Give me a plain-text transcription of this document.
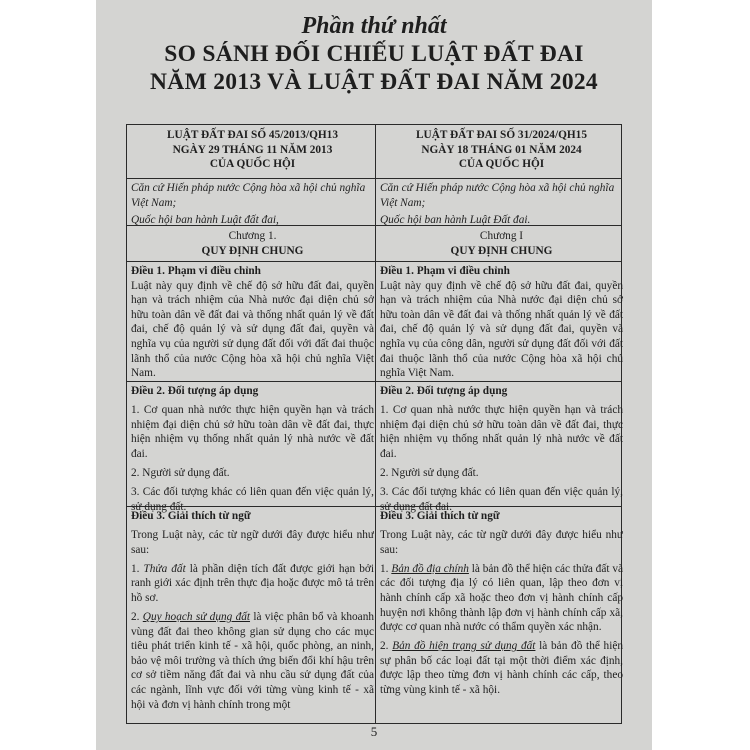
Phần thứ nhất
SO SÁNH ĐỐI CHIẾU LUẬT ĐẤT ĐAI
NĂM 2013 VÀ LUẬT ĐẤT ĐAI NĂM 2024
LUẬT ĐẤT ĐAI SỐ 45/2013/QH13
NGÀY 29 THÁNG 11 NĂM 2013
CỦA QUỐC HỘI
Căn cứ Hiến pháp nước Cộng hòa xã hội chủ nghĩa Việt Nam;
Quốc hội ban hành Luật đất đai,
Chương 1.
QUY ĐỊNH CHUNG
Điều 1. Phạm vi điều chỉnh
Luật này quy định về chế độ sở hữu đất đai, quyền hạn và trách nhiệm của Nhà nước đại diện chủ sở hữu toàn dân về đất đai và thống nhất quản lý về đất đai, chế độ quản lý và sử dụng đất đai, quyền và nghĩa vụ của người sử dụng đất đối với đất đai thuộc lãnh thổ của nước Cộng hòa xã hội chủ nghĩa Việt Nam.
Điều 2. Đối tượng áp dụng
1. Cơ quan nhà nước thực hiện quyền hạn và trách nhiệm đại diện chủ sở hữu toàn dân về đất đai, thực hiện nhiệm vụ thống nhất quản lý nhà nước về đất đai.
2. Người sử dụng đất.
3. Các đối tượng khác có liên quan đến việc quản lý, sử dụng đất.
Điều 3. Giải thích từ ngữ
Trong Luật này, các từ ngữ dưới đây được hiểu như sau:
1. Thửa đất là phần diện tích đất được giới hạn bởi ranh giới xác định trên thực địa hoặc được mô tả trên hồ sơ.
2. Quy hoạch sử dụng đất là việc phân bổ và khoanh vùng đất đai theo không gian sử dụng cho các mục tiêu phát triển kinh tế - xã hội, quốc phòng, an ninh, bảo vệ môi trường và thích ứng biến đổi khí hậu trên cơ sở tiềm năng đất đai và nhu cầu sử dụng đất của các ngành, lĩnh vực đối với từng vùng kinh tế - xã hội và đơn vị hành chính trong một
LUẬT ĐẤT ĐAI SỐ 31/2024/QH15
NGÀY 18 THÁNG 01 NĂM 2024
CỦA QUỐC HỘI
Căn cứ Hiến pháp nước Cộng hòa xã hội chủ nghĩa Việt Nam;
Quốc hội ban hành Luật Đất đai.
Chương I
QUY ĐỊNH CHUNG
Điều 1. Phạm vi điều chỉnh
Luật này quy định về chế độ sở hữu đất đai, quyền hạn và trách nhiệm của Nhà nước đại diện chủ sở hữu toàn dân về đất đai và thống nhất quản lý về đất đai, chế độ quản lý và sử dụng đất đai, quyền và nghĩa vụ của công dân, người sử dụng đất đối với đất đai thuộc lãnh thổ của nước Cộng hòa xã hội chủ nghĩa Việt Nam.
Điều 2. Đối tượng áp dụng
1. Cơ quan nhà nước thực hiện quyền hạn và trách nhiệm đại diện chủ sở hữu toàn dân về đất đai, thực hiện nhiệm vụ thống nhất quản lý nhà nước về đất đai.
2. Người sử dụng đất.
3. Các đối tượng khác có liên quan đến việc quản lý, sử dụng đất đai.
Điều 3. Giải thích từ ngữ
Trong Luật này, các từ ngữ dưới đây được hiểu như sau:
1. Bản đồ địa chính là bản đồ thể hiện các thửa đất và các đối tượng địa lý có liên quan, lập theo đơn vị hành chính cấp xã hoặc theo đơn vị hành chính cấp huyện nơi không thành lập đơn vị hành chính cấp xã, được cơ quan nhà nước có thẩm quyền xác nhận.
2. Bản đồ hiện trạng sử dụng đất là bản đồ thể hiện sự phân bố các loại đất tại một thời điểm xác định, được lập theo từng đơn vị hành chính các cấp, theo từng vùng kinh tế - xã hội.
5
